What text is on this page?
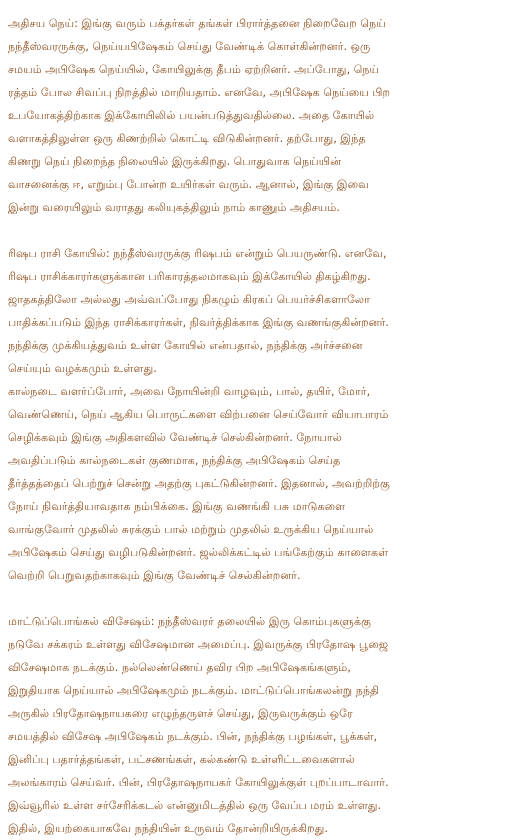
அதிசய நெய்: இங்கு வரும் பக்தர்கள் தங்கள் பிரார்த்தனை நிறைவேற நெய்
நந்தீஸ்வரருக்கு, நெய்யபிஷேகம் செய்து வேண்டிக் கொள்கின்றனர். ஒரு
சமயம் அபிஷேக நெய்யில், கோயிலுக்கு தீபம் ஏற்றினர். அப்போது, நெய்
ரத்தம் போல சிவப்பு நிறத்தில் மாறியதாம். எனவே, அபிஷேக நெய்யை பிற
உபயோகத்திற்காக இக்கோயிலில் பயன்படுத்துவதில்லை. அதை கோயில்
வளாகத்திலுள்ள ஒரு கிணற்றில் கொட்டி விடுகின்றனர். தற்போது, இந்த
கிணறு நெய் நிறைந்த நிலையில் இருக்கிறது. பொதுவாக நெய்யின்
வாசனைக்கு ஈ, எறும்பு போன்ற உயிர்கள் வரும். ஆனால், இங்கு இவை
இன்று வரையிலும் வராதது கலியுகத்திலும் நாம் காணும் அதிசயம்.
ரிஷப ராசி கோயில்: நந்தீஸ்வரருக்கு ரிஷபம் என்றும் பெயருண்டு. எனவே,
ரிஷப ராசிக்காரர்களுக்கான பரிகாரத்தலமாகவும் இக்கோயில் திகழ்கிறது.
ஜாதகத்திலோ அல்லது அவ்வப்போது நிகழும் கிரகப் பெயர்ச்சிகளாலோ
பாதிக்கப்படும் இந்த ராசிக்காரர்கள், நிவர்த்திக்காக இங்கு வணங்குகின்றனர்.
நந்திக்கு முக்கியத்துவம் உள்ள கோயில் என்பதால், நந்திக்கு அர்ச்சனை
செய்யும் வழக்கமும் உள்ளது.
கால்நடை வளர்ப்போர், அவை நோயின்றி வாழவும், பால், தயிர், மோர்,
வெண்ணெய், நெய் ஆகிய பொருட்களை விற்பனை செய்வோர் வியாபாரம்
செழிக்கவும் இங்கு அதிகளவில் வேண்டிச் செல்கின்றனர். நோயால்
அவதிப்படும் கால்நடைகள் குணமாக, நந்திக்கு அபிஷேகம் செய்த
தீர்த்தத்தைப் பெற்றுச் சென்று அதற்கு புகட்டுகின்றனர். இதனால், அவற்றிற்கு
நோய் நிவர்த்தியாவதாக நம்பிக்கை. இங்கு வணங்கி பசு மாடுகளை
வாங்குவோர் முதலில் சுரக்கும் பால் மற்றும் முதலில் உருக்கிய நெய்யால்
அபிஷேகம் செய்து வழிபடுகின்றனர். ஜல்லிக்கட்டில் பங்கேற்கும் காளைகள்
வெற்றி பெறுவதற்காகவும் இங்கு வேண்டிச் செல்கின்றனர்.
மாட்டுப்பொங்கல் விசேஷம்: நந்தீஸ்வரர் தலையில் இரு கொம்புகளுக்கு
நடுவே சக்கரம் உள்ளது விசேஷமான அமைப்பு. இவருக்கு பிரதோஷ பூஜை
விசேஷமாக நடக்கும். நல்லெண்ணெய் தவிர பிற அபிஷேகங்களும்,
இறுதியாக நெய்யால் அபிஷேகமும் நடக்கும். மாட்டுப்பொங்கலன்று நந்தி
அருகில் பிரதோஷநாயகரை எழுந்தருளச் செய்து, இருவருக்கும் ஒரே
சமயத்தில் விசேஷ அபிஷேகம் நடக்கும். பின், நந்திக்கு பழங்கள், பூக்கள்,
இனிப்பு பதார்த்தங்கள், பட்சணங்கள், கல்கண்டு உள்ளிட்டவைகளால்
அலங்காரம் செய்வர். பின், பிரதோஷநாயகர் கோயிலுக்குள் புறப்பாடாவார்.
இவ்வூரில் உள்ள சர்சேரிக்கடல் என்னுமிடத்தில் ஒரு வேப்ப மரம் உள்ளது.
இதில், இயற்கையாகவே நந்தியின் உருவம் தோன்றியிருக்கிறது.
